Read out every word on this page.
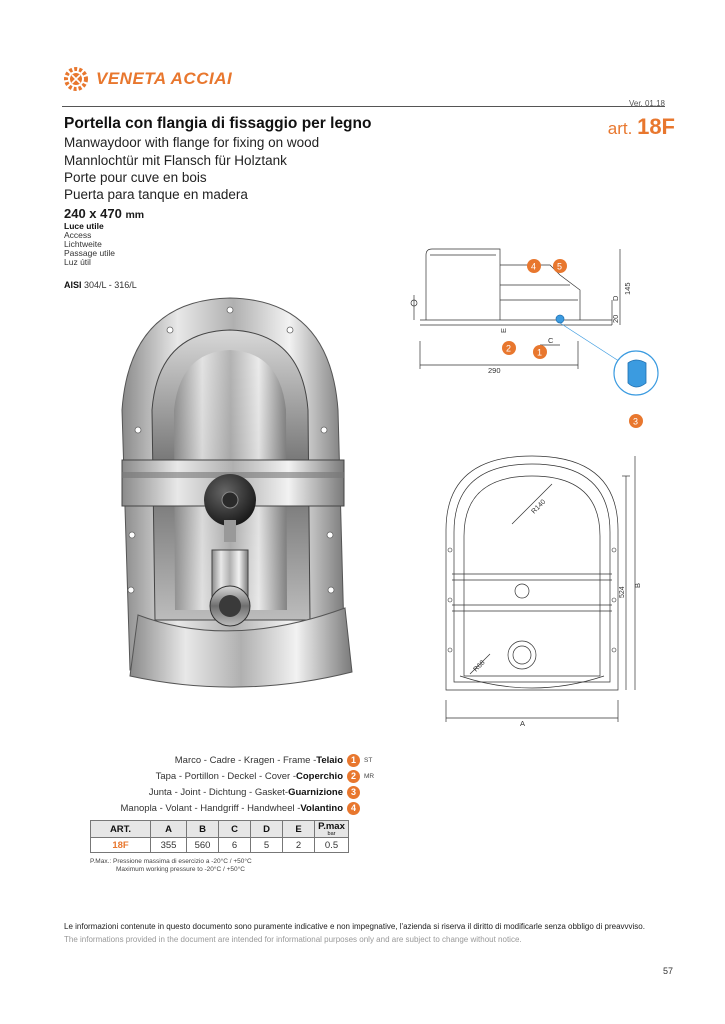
VENETA ACCIAI
Ver. 01.18
Portella con flangia di fissaggio per legno
Manwaydoor with flange for fixing on wood
Mannlochtür mit Flansch für Holztank
Porte pour cuve en bois
Puerta para tanque en madera
art. 18F
240 x 470 mm
Luce utile
Access
Lichtweite
Passage utile
Luz útil
AISI 304/L - 316/L
290
145
20
D
E
C
4 5
2	1
3
R140
R68
524
B
A
Marco - Cadre - Kragen - Frame - Telaio 1	ST
Tapa - Portillon - Deckel - Cover - Coperchio 2	MR
Junta - Joint - Dichtung - Gasket- Guarnizione 3
Manopla - Volant - Handgriff - Handwheel - Volantino 4
ART.	A	B	C	D	E	P.max
bar

18F	355	560	6	5	2	0.5
P.Max.: Pressione massima di esercizio a -20°C / +50°C
Maximum working pressure to -20°C / +50°C
Le informazioni contenute in questo documento sono puramente indicative e non impegnative, l'azienda si riserva il diritto di modificarle senza obbligo di preavvviso.
The informations provided in the document are intended for informational purposes only and are subject to change without notice.
57
